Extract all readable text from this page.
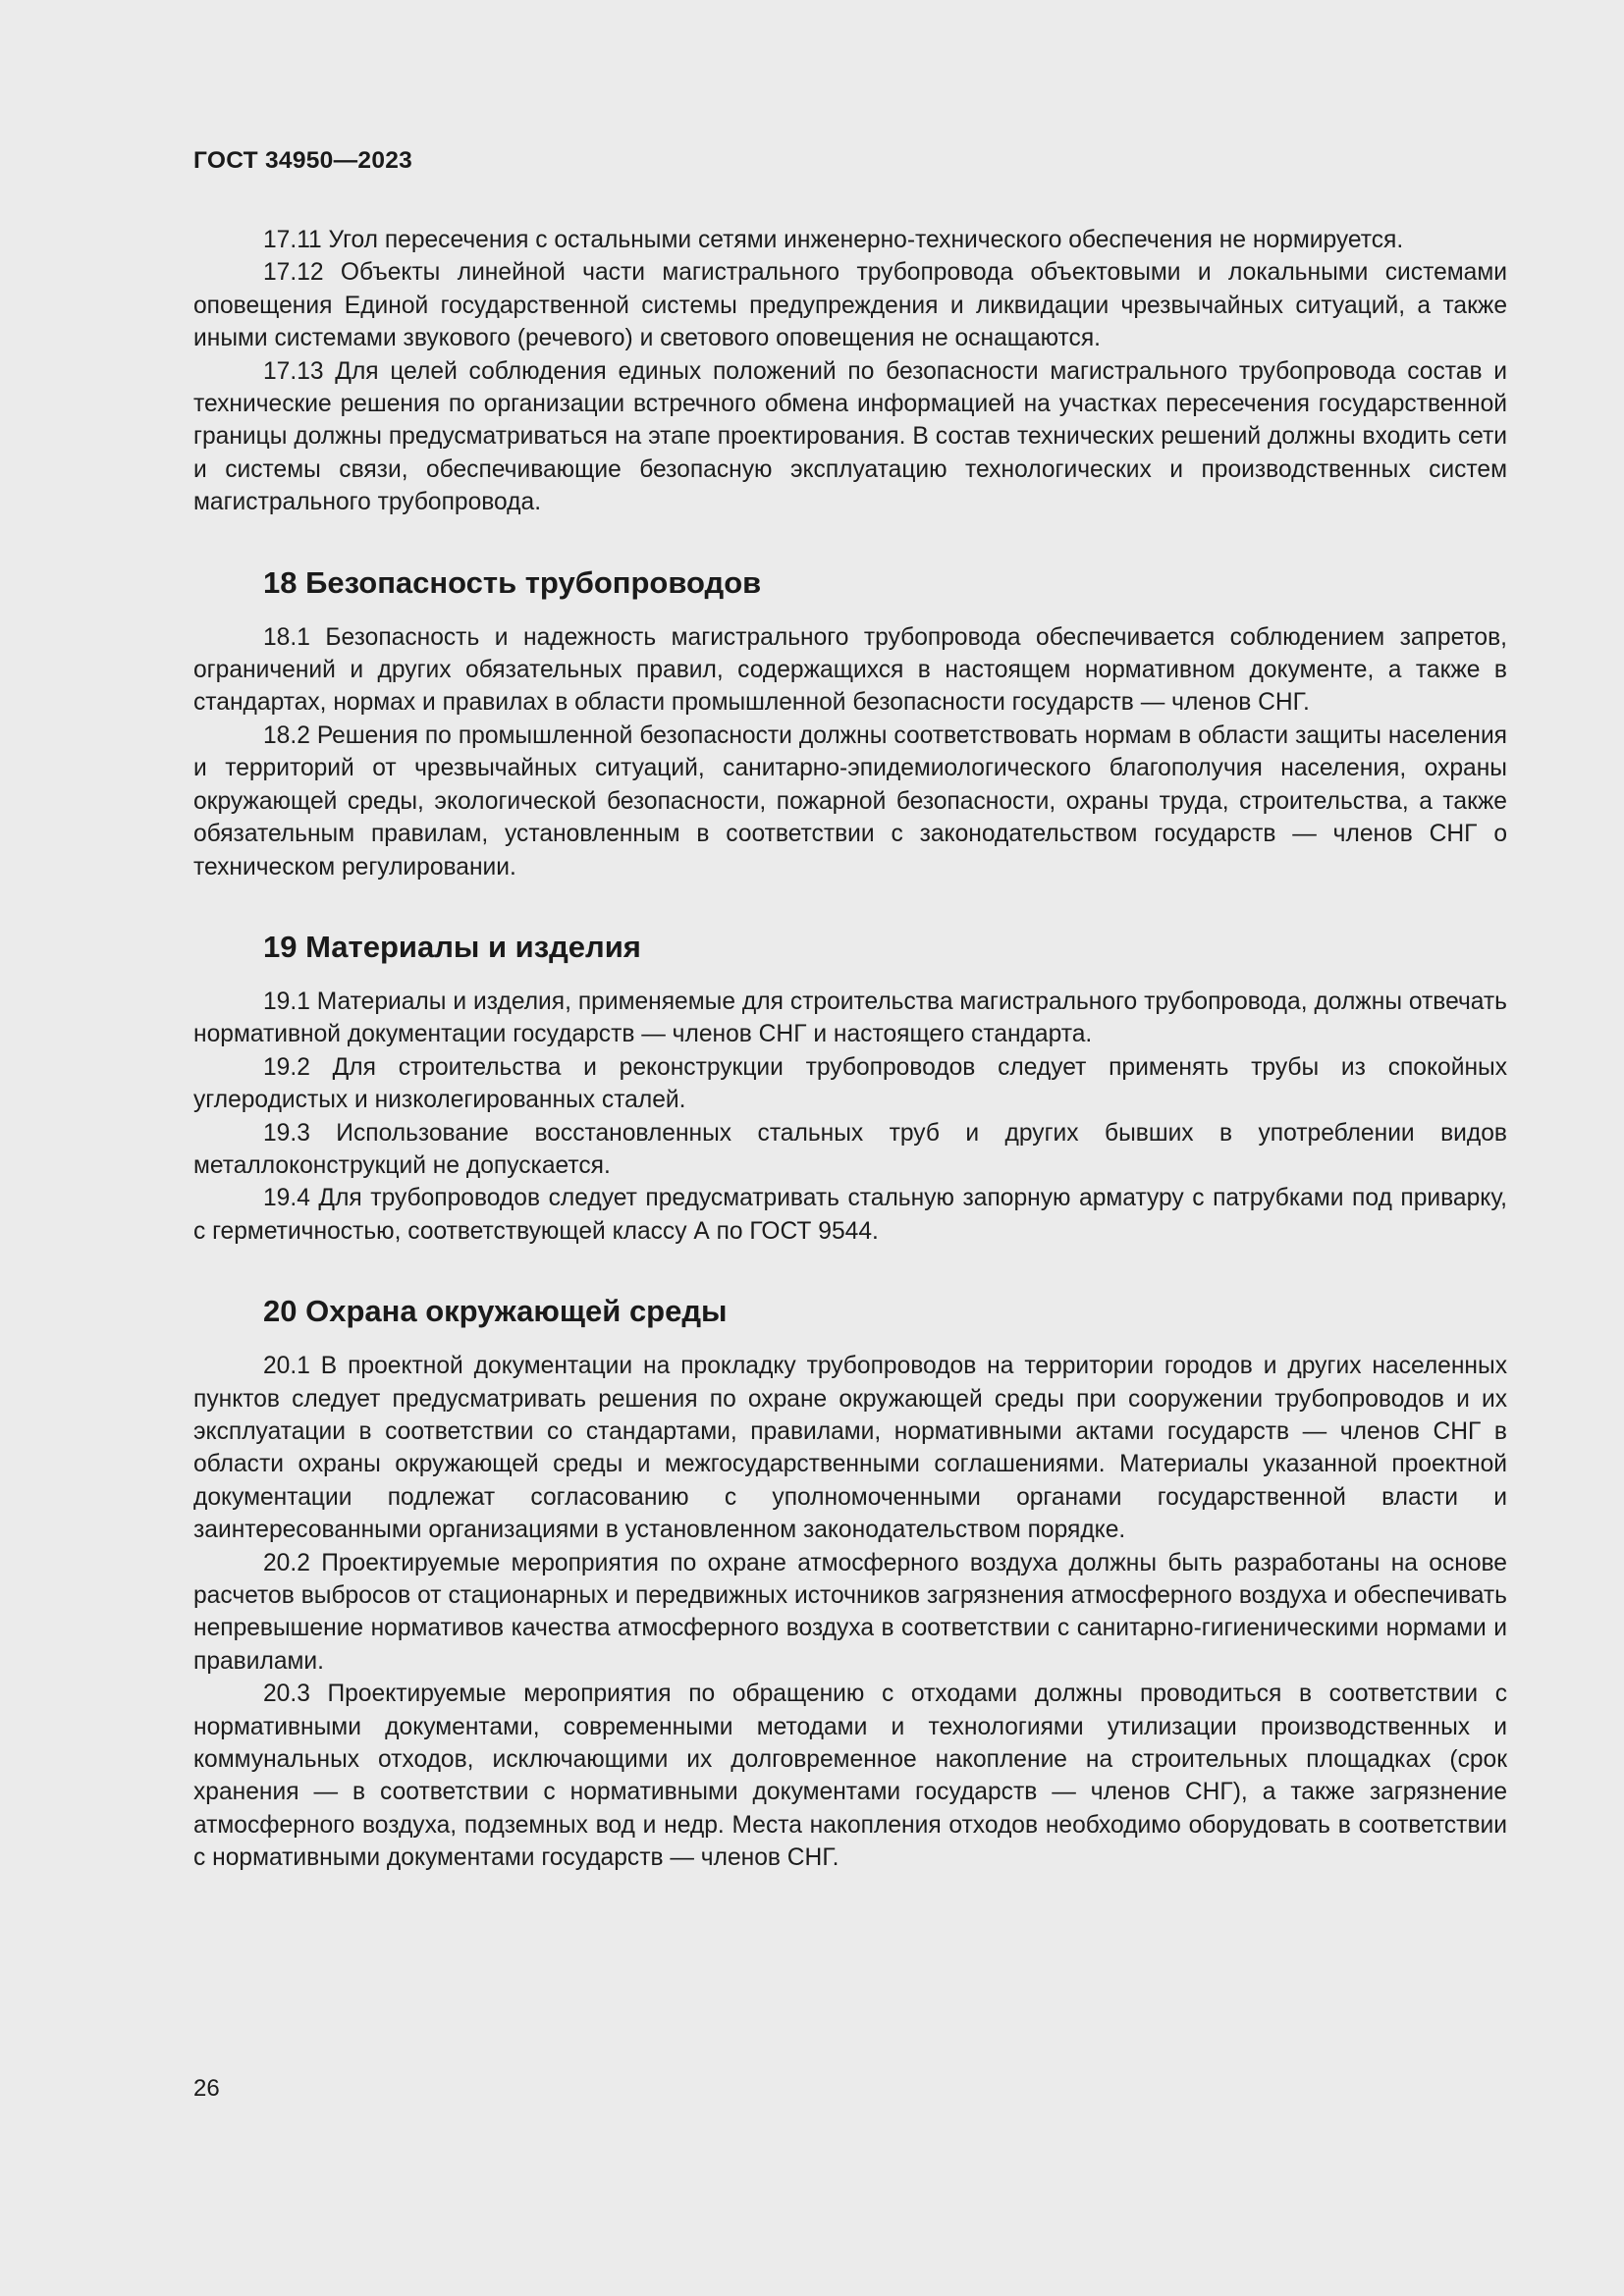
ГОСТ 34950—2023

17.11 Угол пересечения с остальными сетями инженерно-технического обеспечения не нормируется.

17.12 Объекты линейной части магистрального трубопровода объектовыми и локальными системами оповещения Единой государственной системы предупреждения и ликвидации чрезвычайных ситуаций, а также иными системами звукового (речевого) и светового оповещения не оснащаются.

17.13 Для целей соблюдения единых положений по безопасности магистрального трубопровода состав и технические решения по организации встречного обмена информацией на участках пересечения государственной границы должны предусматриваться на этапе проектирования. В состав технических решений должны входить сети и системы связи, обеспечивающие безопасную эксплуатацию технологических и производственных систем магистрального трубопровода.

18 Безопасность трубопроводов

18.1 Безопасность и надежность магистрального трубопровода обеспечивается соблюдением запретов, ограничений и других обязательных правил, содержащихся в настоящем нормативном документе, а также в стандартах, нормах и правилах в области промышленной безопасности государств — членов СНГ.

18.2 Решения по промышленной безопасности должны соответствовать нормам в области защиты населения и территорий от чрезвычайных ситуаций, санитарно-эпидемиологического благополучия населения, охраны окружающей среды, экологической безопасности, пожарной безопасности, охраны труда, строительства, а также обязательным правилам, установленным в соответствии с законодательством государств — членов СНГ о техническом регулировании.

19 Материалы и изделия

19.1 Материалы и изделия, применяемые для строительства магистрального трубопровода, должны отвечать нормативной документации государств — членов СНГ и настоящего стандарта.

19.2 Для строительства и реконструкции трубопроводов следует применять трубы из спокойных углеродистых и низколегированных сталей.

19.3 Использование восстановленных стальных труб и других бывших в употреблении видов металлоконструкций не допускается.

19.4 Для трубопроводов следует предусматривать стальную запорную арматуру с патрубками под приварку, с герметичностью, соответствующей классу А по ГОСТ 9544.

20 Охрана окружающей среды

20.1 В проектной документации на прокладку трубопроводов на территории городов и других населенных пунктов следует предусматривать решения по охране окружающей среды при сооружении трубопроводов и их эксплуатации в соответствии со стандартами, правилами, нормативными актами государств — членов СНГ в области охраны окружающей среды и межгосударственными соглашениями. Материалы указанной проектной документации подлежат согласованию с уполномоченными органами государственной власти и заинтересованными организациями в установленном законодательством порядке.

20.2 Проектируемые мероприятия по охране атмосферного воздуха должны быть разработаны на основе расчетов выбросов от стационарных и передвижных источников загрязнения атмосферного воздуха и обеспечивать непревышение нормативов качества атмосферного воздуха в соответствии с санитарно-гигиеническими нормами и правилами.

20.3 Проектируемые мероприятия по обращению с отходами должны проводиться в соответствии с нормативными документами, современными методами и технологиями утилизации производственных и коммунальных отходов, исключающими их долговременное накопление на строительных площадках (срок хранения — в соответствии с нормативными документами государств — членов СНГ), а также загрязнение атмосферного воздуха, подземных вод и недр. Места накопления отходов необходимо оборудовать в соответствии с нормативными документами государств — членов СНГ.

26
